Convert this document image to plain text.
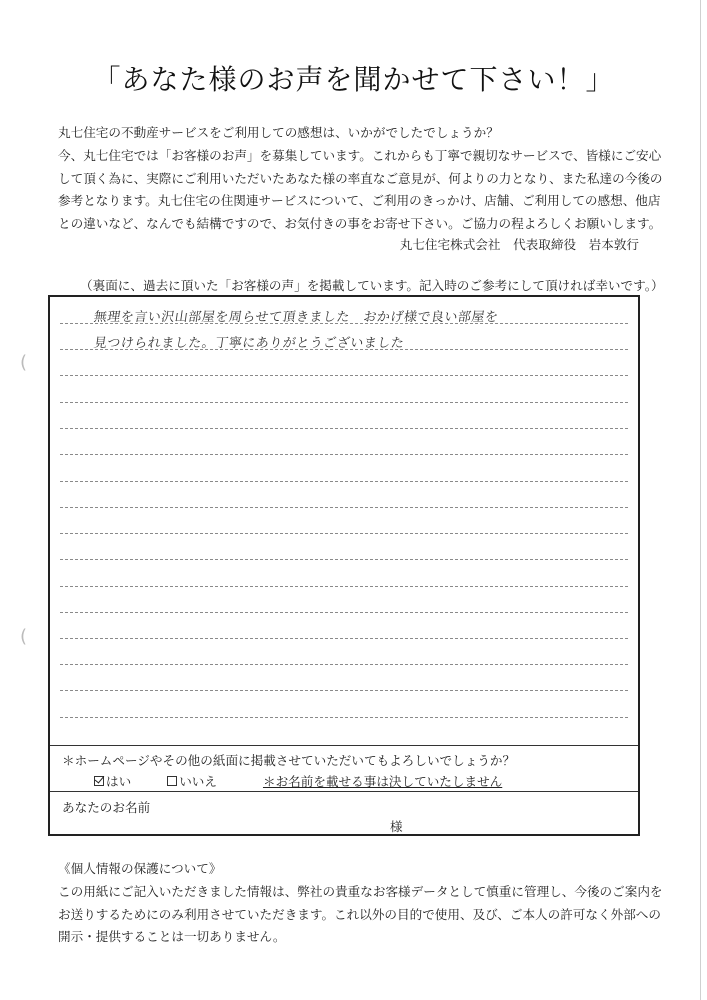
「あなた様のお声を聞かせて下さい！」

丸七住宅の不動産サービスをご利用しての感想は、いかがでしたでしょうか？

今、丸七住宅では「お客様のお声」を募集しています。これからも丁寧で親切なサービスで、皆様にご安心

して頂く為に、実際にご利用いただいたあなた様の率直なご意見が、何よりの力となり、また私達の今後の

参考となります。丸七住宅の住関連サービスについて、ご利用のきっかけ、店舗、ご利用しての感想、他店

との違いなど、なんでも結構ですので、お気付きの事をお寄せ下さい。ご協力の程よろしくお願いします。

丸七住宅株式会社　代表取締役　岩本敦行
（裏面に、過去に頂いた「お客様の声」を掲載しています。記入時のご参考にして頂ければ幸いです。）
(
(
無理を言い沢山部屋を周らせて頂きました　おかげ様で良い部屋を
見つけられました。丁寧にありがとうございました
＊ホームページやその他の紙面に掲載させていただいてもよろしいでしょうか？
はい	いいえ	＊お名前を載せる事は決していたしません
あなたのお名前
様

《個人情報の保護について》

この用紙にご記入いただきました情報は、弊社の貴重なお客様データとして慎重に管理し、今後のご案内を

お送りするためにのみ利用させていただきます。これ以外の目的で使用、及び、ご本人の許可なく外部への

開示・提供することは一切ありません。
